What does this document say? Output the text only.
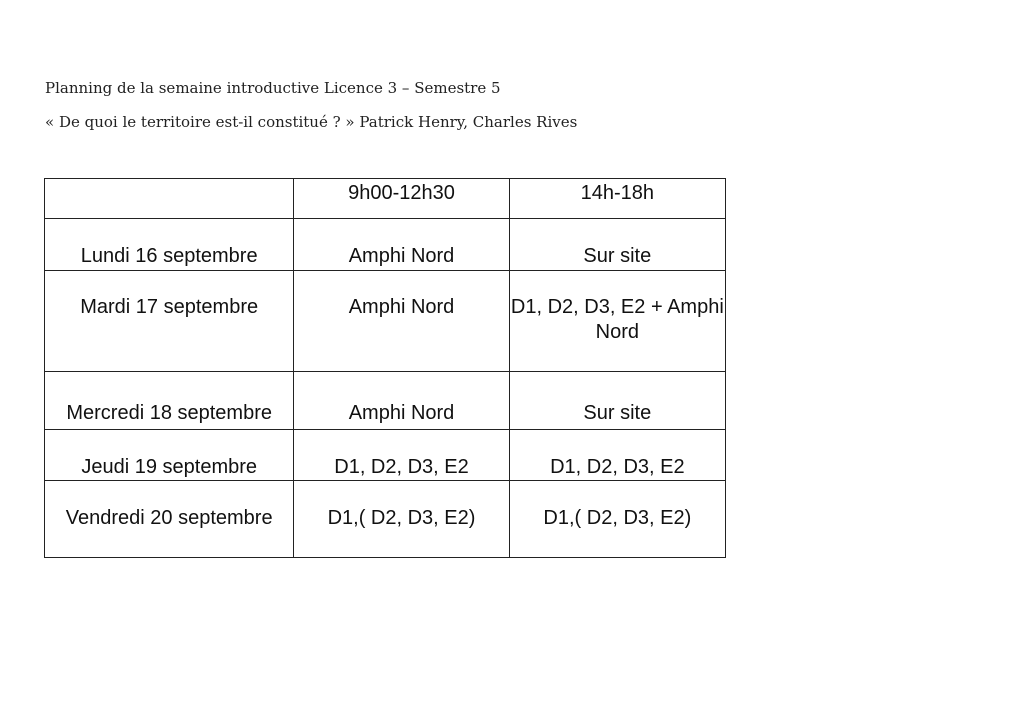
Planning de la semaine introductive Licence 3 – Semestre 5
« De quoi le territoire est-il constitué ? » Patrick Henry, Charles Rives
	9h00-12h30	14h-18h
Lundi 16 septembre	Amphi Nord	Sur site
Mardi 17 septembre	Amphi Nord	D1, D2, D3, E2 + Amphi Nord
Mercredi 18 septembre	Amphi Nord	Sur site
Jeudi 19 septembre	D1, D2, D3, E2	D1, D2, D3, E2
Vendredi 20 septembre	D1,( D2, D3, E2)	D1,( D2, D3, E2)
